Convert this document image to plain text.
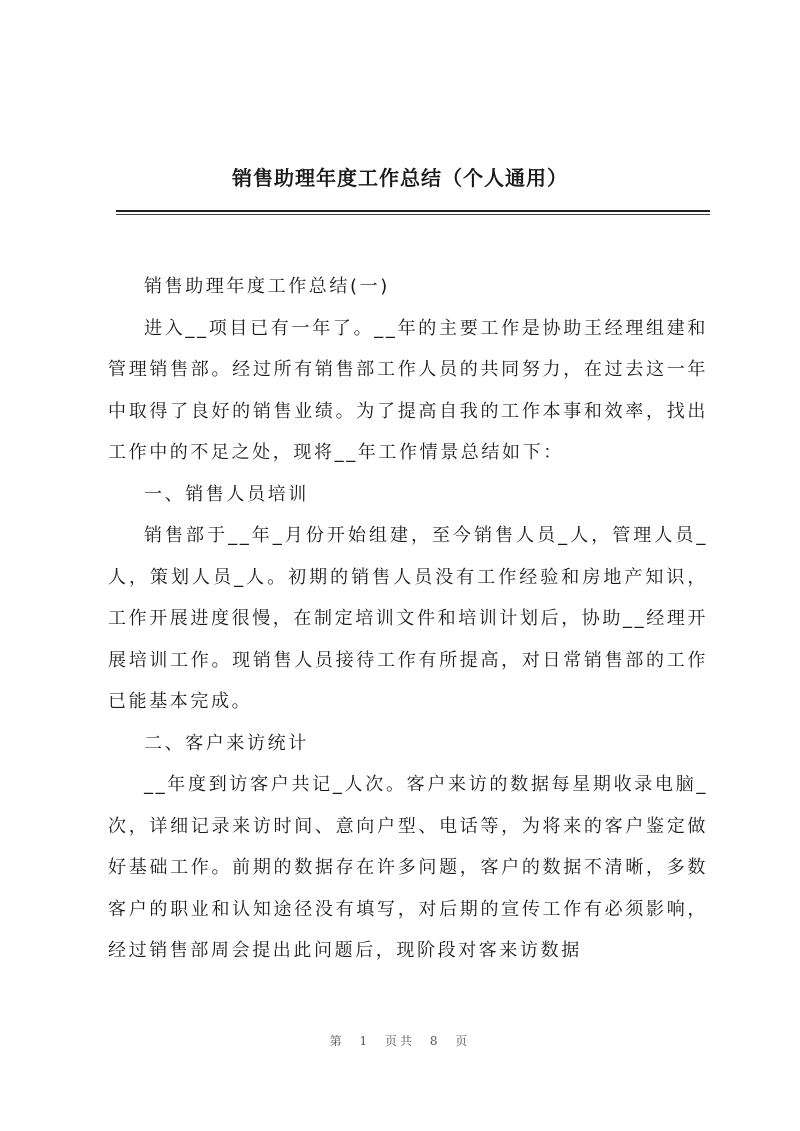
销售助理年度工作总结（个人通用）

销售助理年度工作总结(一)

进入__项目已有一年了。__年的主要工作是协助王经理组建和管理销售部。经过所有销售部工作人员的共同努力，在过去这一年中取得了良好的销售业绩。为了提高自我的工作本事和效率，找出工作中的不足之处，现将__年工作情景总结如下：

一、销售人员培训

销售部于__年_月份开始组建，至今销售人员_人，管理人员_人，策划人员_人。初期的销售人员没有工作经验和房地产知识，工作开展进度很慢，在制定培训文件和培训计划后，协助__经理开展培训工作。现销售人员接待工作有所提高，对日常销售部的工作已能基本完成。

二、客户来访统计

__年度到访客户共记_人次。客户来访的数据每星期收录电脑_次，详细记录来访时间、意向户型、电话等，为将来的客户鉴定做好基础工作。前期的数据存在许多问题，客户的数据不清晰，多数客户的职业和认知途径没有填写，对后期的宣传工作有必须影响，经过销售部周会提出此问题后，现阶段对客来访数据

第 1 页共 8 页
